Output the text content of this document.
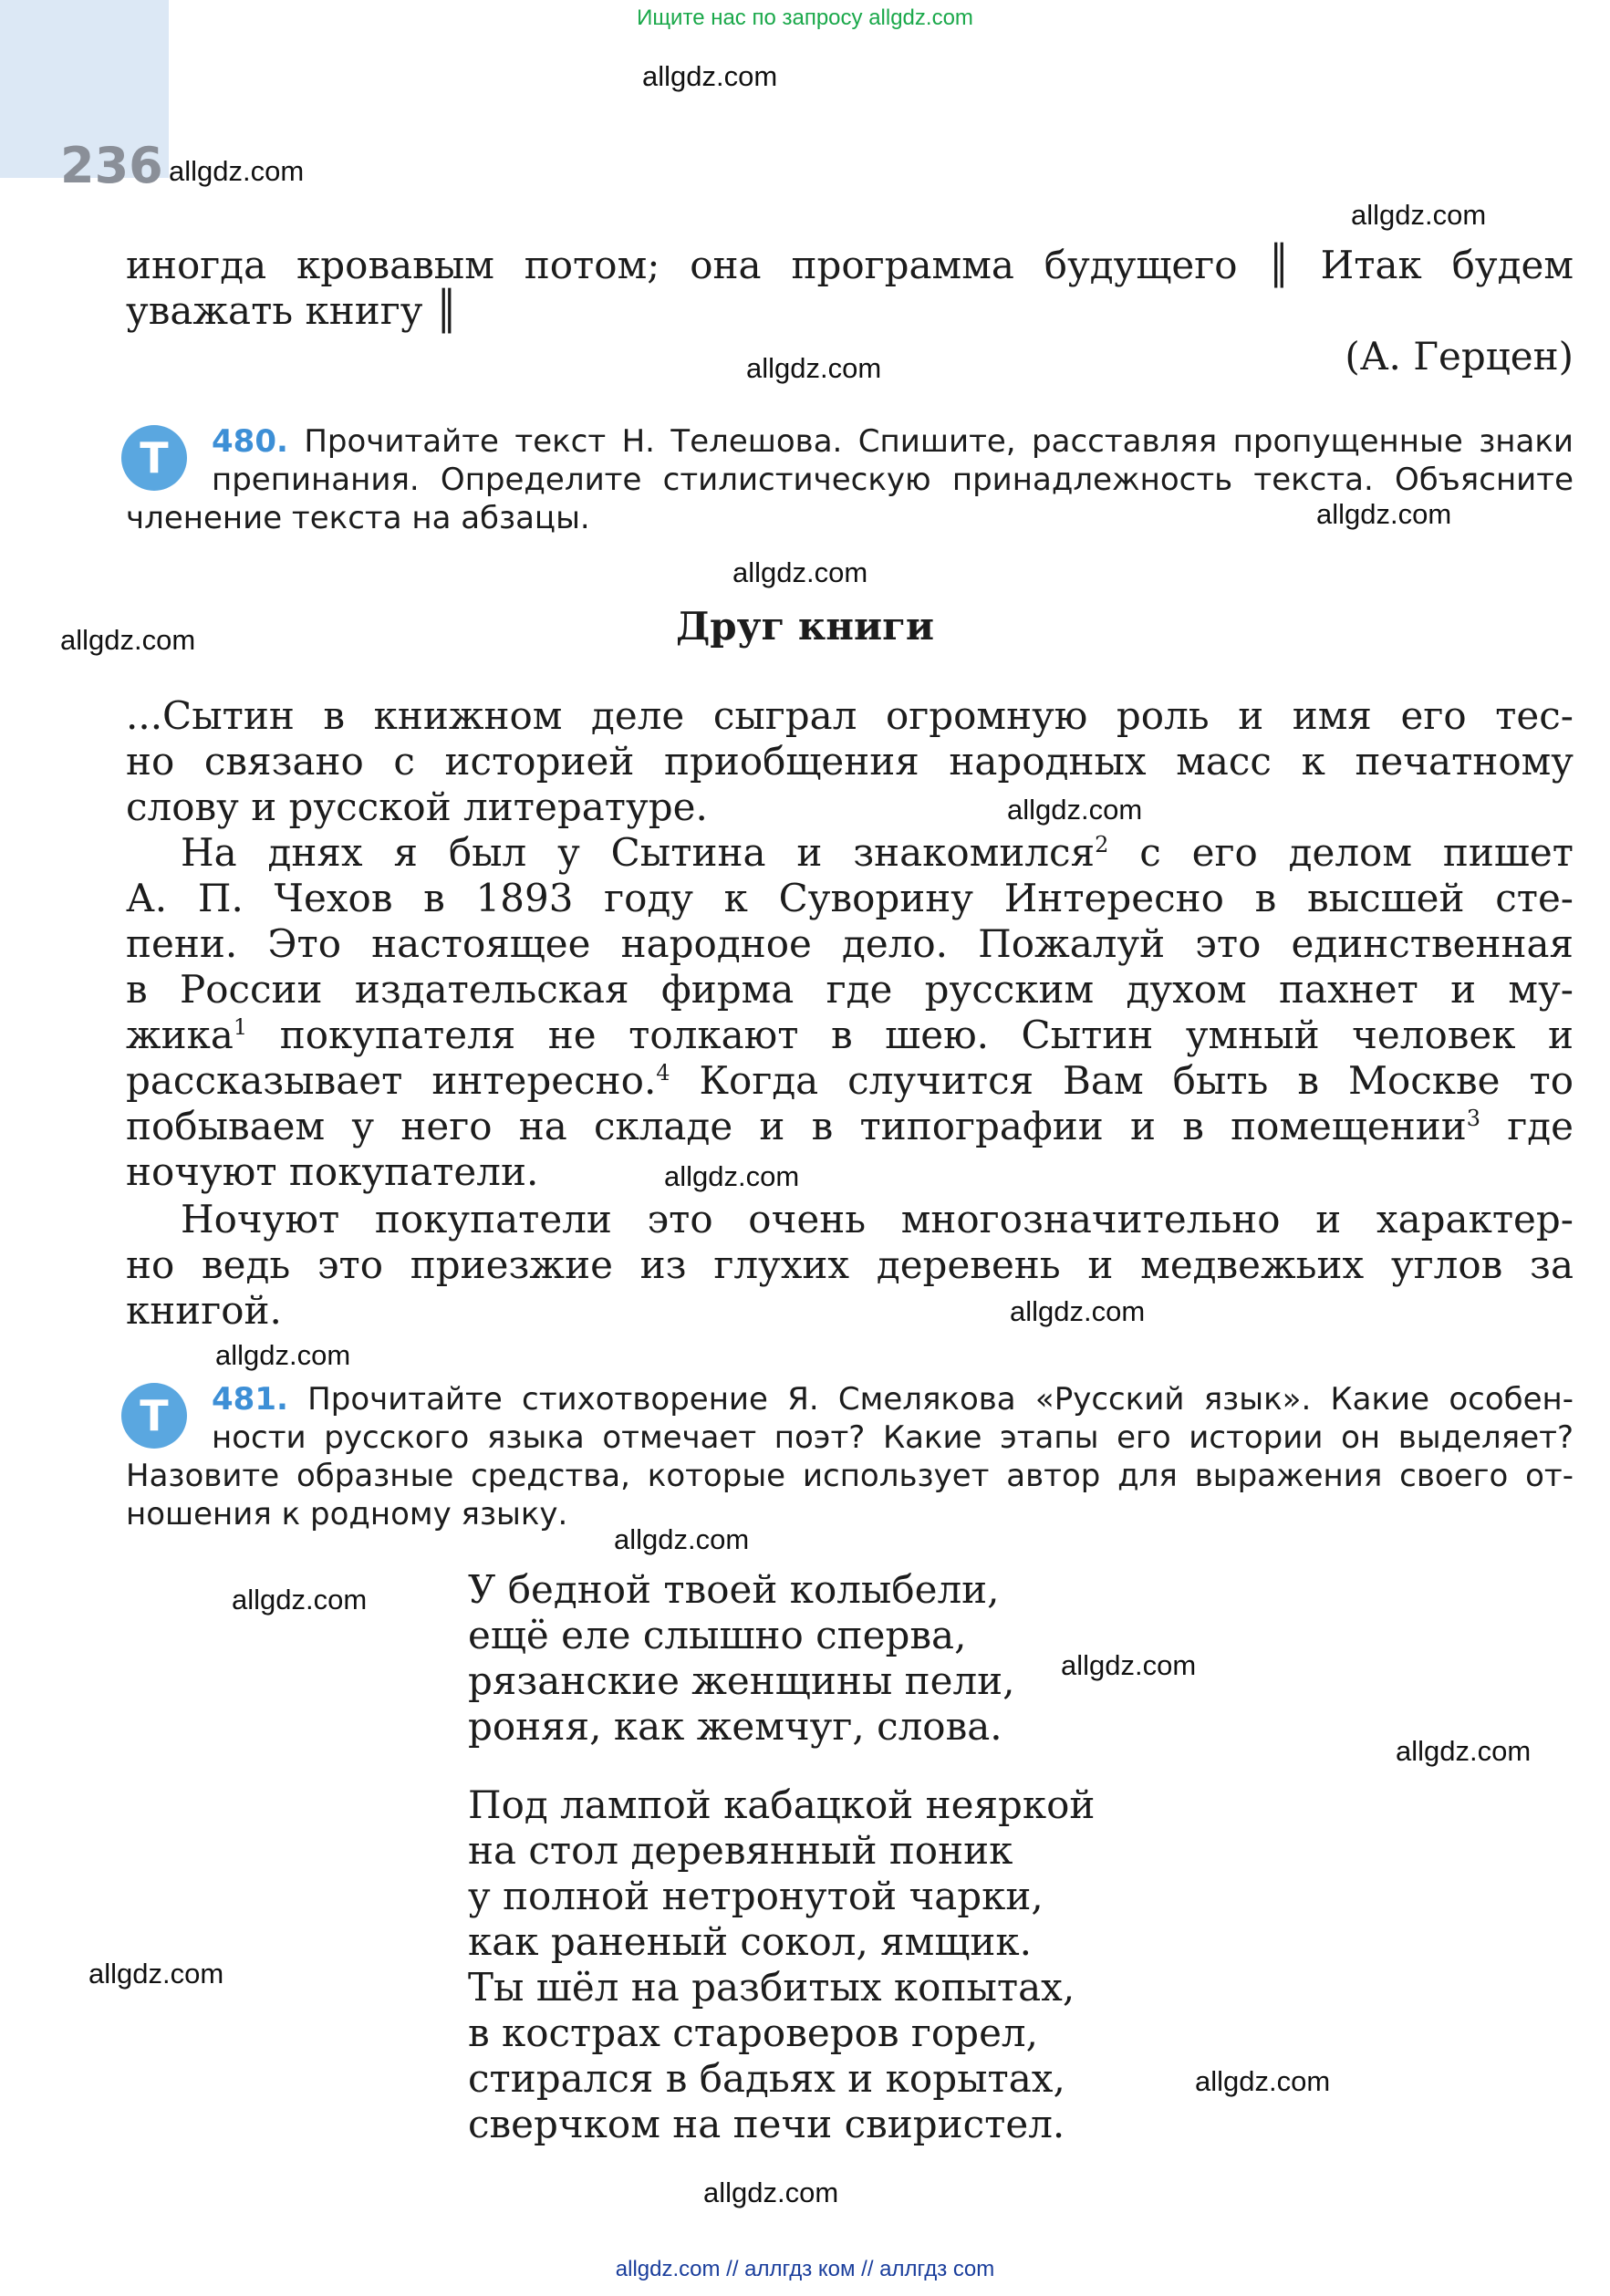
Ищите нас по запросу allgdz.com
236
allgdz.com
allgdz.com
allgdz.com
allgdz.com
allgdz.com
allgdz.com
allgdz.com
allgdz.com
allgdz.com
allgdz.com
allgdz.com
allgdz.com
allgdz.com
allgdz.com
allgdz.com
allgdz.com
allgdz.com
allgdz.com
иногда кровавым потом; она программа будущего ║ Итак будем
уважать книгу ║
(А. Герцен)
Т	480. Прочитайте текст Н. Телешова. Спишите, расставляя пропущенные знаки
препинания. Определите стилистическую принадлежность текста. Объясните
членение текста на абзацы.
Друг книги
...Сытин в книжном деле сыграл огромную роль и имя его тес-
но связано с историей приобщения народных масс к печатному
слову и русской литературе.
На днях я был у Сытина и знакомился$^2$ с его делом пишет
А. П. Чехов в 1893 году к Суворину Интересно в высшей сте-
пени. Это настоящее народное дело. Пожалуй это единственная
в России издательская фирма где русским духом пахнет и му-
жика$^1$ покупателя не толкают в шею. Сытин умный человек и
рассказывает интересно.$^4$ Когда случится Вам быть в Москве то
побываем у него на складе и в типографии и в помещении$^3$ где
ночуют покупатели.
Ночуют покупатели это очень многозначительно и характер-
но ведь это приезжие из глухих деревень и медвежьих углов за
книгой.
Т	481. Прочитайте стихотворение Я. Смелякова «Русский язык». Какие особен-
ности русского языка отмечает поэт? Какие этапы его истории он выделяет?
Назовите образные средства, которые использует автор для выражения своего от-
ношения к родному языку.
У бедной твоей колыбели,
ещё еле слышно сперва,
рязанские женщины пели,
роняя, как жемчуг, слова.
Под лампой кабацкой неяркой
на стол деревянный поник
у полной нетронутой чарки,
как раненый сокол, ямщик.
Ты шёл на разбитых копытах,
в кострах староверов горел,
стирался в бадьях и корытах,
сверчком на печи свиристел.
allgdz.com // аллгдз ком // аллгдз com
